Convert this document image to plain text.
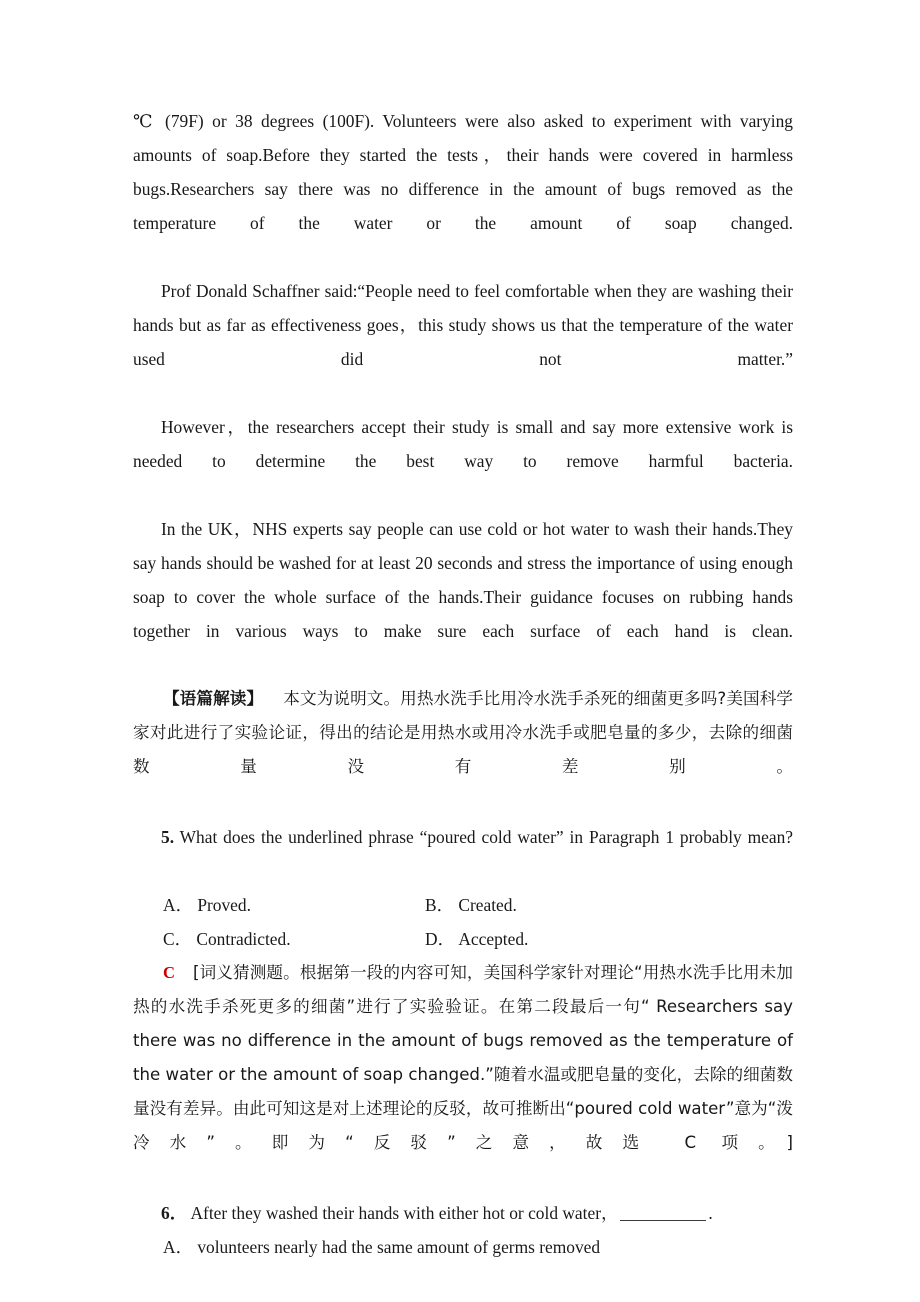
℃ (79F) or 38 degrees (100F). Volunteers were also asked to experiment with varying amounts of soap.Before they started the tests，their hands were covered in harmless bugs.Researchers say there was no difference in the amount of bugs removed as the temperature of the water or the amount of soap changed.

Prof Donald Schaffner said:“People need to feel comfortable when they are washing their hands but as far as effectiveness goes，this study shows us that the temperature of the water used did not matter.”

However，the researchers accept their study is small and say more extensive work is needed to determine the best way to remove harmful bacteria.

In the UK，NHS experts say people can use cold or hot water to wash their hands.They say hands should be washed for at least 20 seconds and stress the importance of using enough soap to cover the whole surface of the hands.Their guidance focuses on rubbing hands together in various ways to make sure each surface of each hand is clean.

【语篇解读】 本文为说明文。用热水洗手比用冷水洗手杀死的细菌更多吗?美国科学家对此进行了实验论证，得出的结论是用热水或用冷水洗手或肥皂量的多少，去除的细菌数量没有差别。

5. What does the underlined phrase “poured cold water” in Paragraph 1 probably mean?

A． Proved.	B． Created.
C． Contradicted.	D． Accepted.

C [词义猜测题。根据第一段的内容可知，美国科学家针对理论“用热水洗手比用未加热的水洗手杀死更多的细菌”进行了实验验证。在第二段最后一句“ Researchers say there was no difference in the amount of bugs removed as the temperature of the water or the amount of soap changed.”随着水温或肥皂量的变化，去除的细菌数量没有差异。由此可知这是对上述理论的反驳，故可推断出“poured cold water”意为“泼冷水”。即为“反驳”之意，故选 C 项。]

6． After they washed their hands with either hot or cold water，	.

A． volunteers nearly had the same amount of germs removed
